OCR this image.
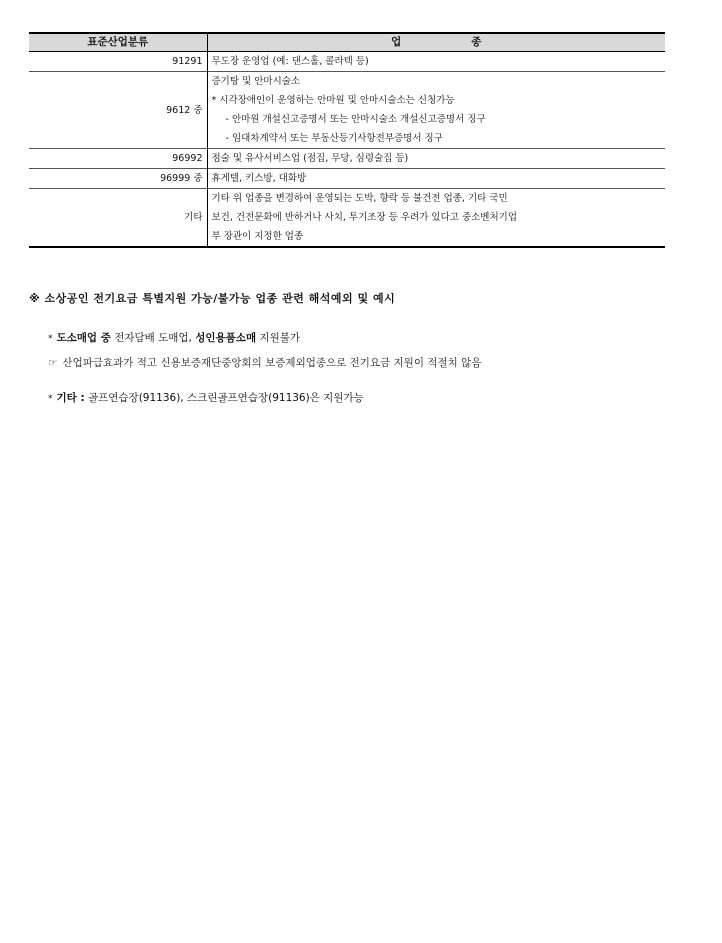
표준산업분류	업 종
91291	무도장 운영업 (예: 댄스홀, 콜라텍 등)

9612 중	증기탕 및 안마시술소
* 시각장애인이 운영하는 안마원 및 안마시술소는 신청가능
- 안마원 개설신고증명서 또는 안마시술소 개설신고증명서 징구
- 임대차계약서 또는 부동산등기사항전부증명서 징구

96992	점술 및 유사서비스업 (점집, 무당, 심령술집 등)

96999 중	휴게텔, 키스방, 대화방

기타	기타 위 업종을 변경하여 운영되는 도박, 향락 등 불건전 업종, 기타 국민
보건, 건전문화에 반하거나 사치, 투기조장 등 우려가 있다고 중소벤처기업
부 장관이 지정한 업종
※ 소상공인 전기요금 특별지원 가능/불가능 업종 관련 해석예외 및 예시
* 도소매업 중 전자담배 도매업, 성인용품소매 지원불가
☞ 산업파급효과가 적고 신용보증재단중앙회의 보증제외업종으로 전기요금 지원이 적절치 않음
* 기타 : 골프연습장(91136), 스크린골프연습장(91136)은 지원가능
